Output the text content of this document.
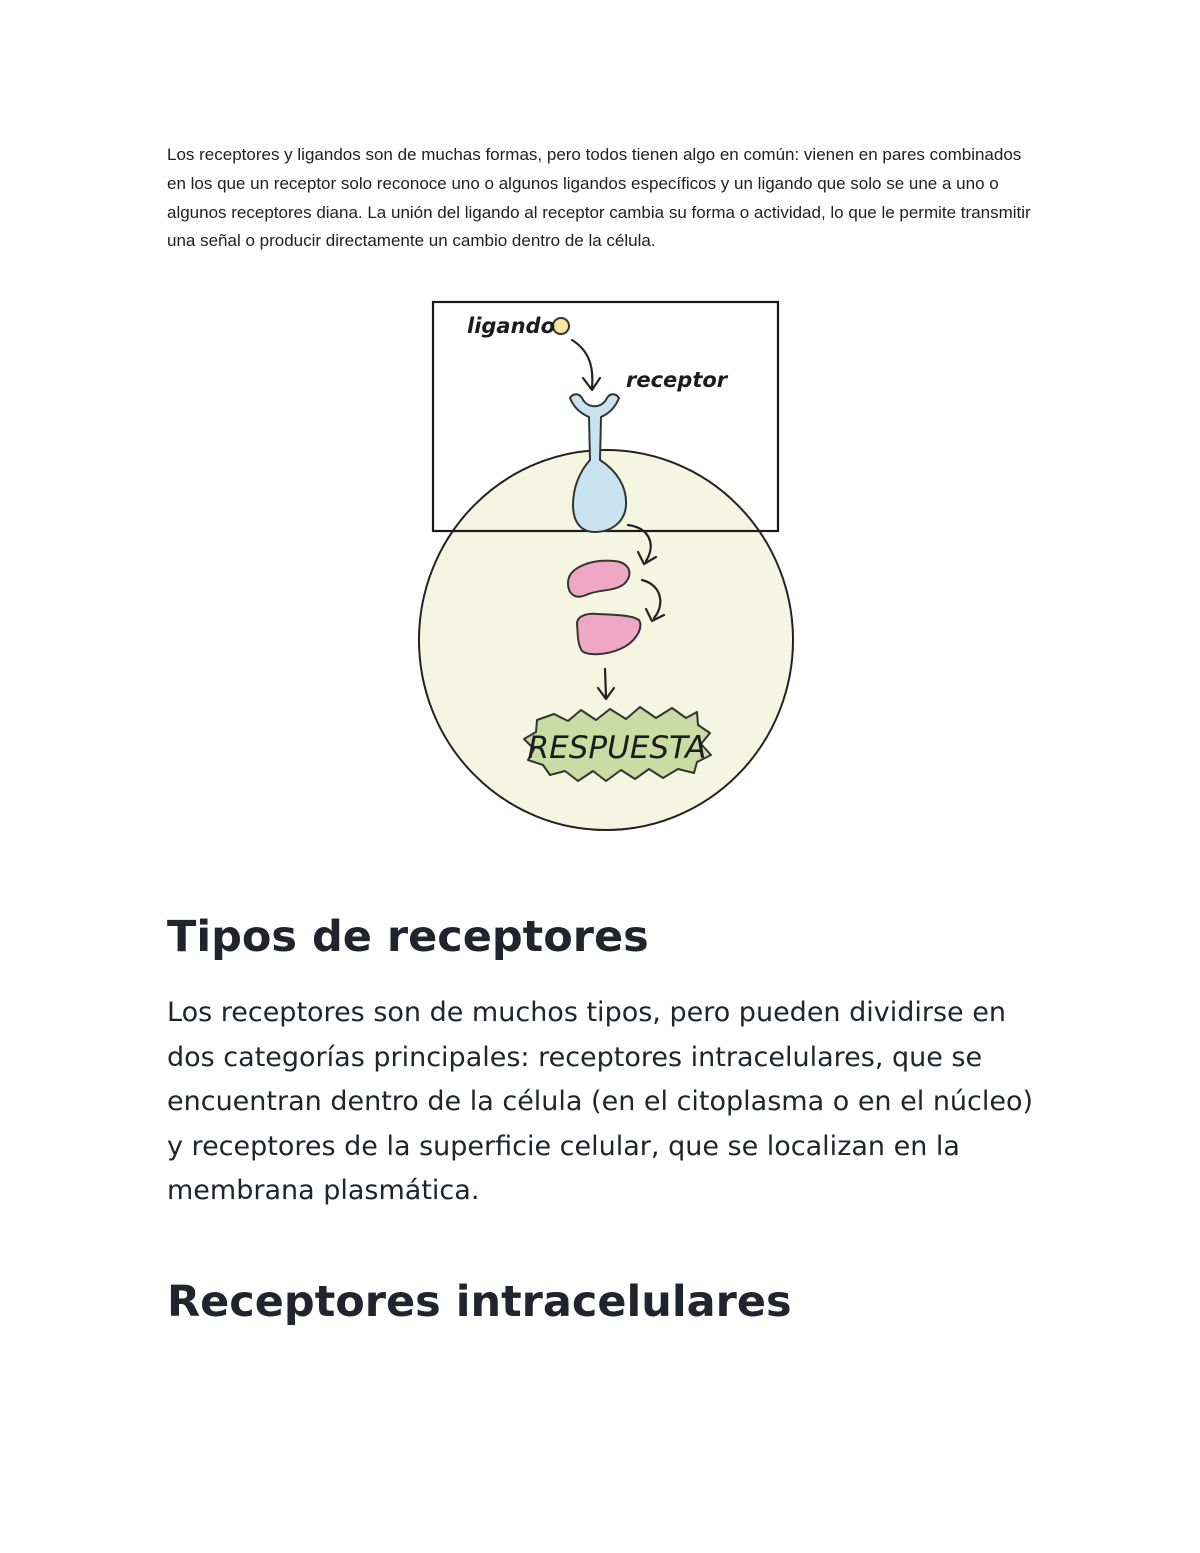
Los receptores y ligandos son de muchas formas, pero todos tienen algo en común: vienen en pares combinados en los que un receptor solo reconoce uno o algunos ligandos específicos y un ligando que solo se une a uno o algunos receptores diana. La unión del ligando al receptor cambia su forma o actividad, lo que le permite transmitir una señal o producir directamente un cambio dentro de la célula.

ligando
receptor
RESPUESTA
Tipos de receptores

Los receptores son de muchos tipos, pero pueden dividirse en dos categorías principales: receptores intracelulares, que se encuentran dentro de la célula (en el citoplasma o en el núcleo) y receptores de la superficie celular, que se localizan en la membrana plasmática.

Receptores intracelulares
